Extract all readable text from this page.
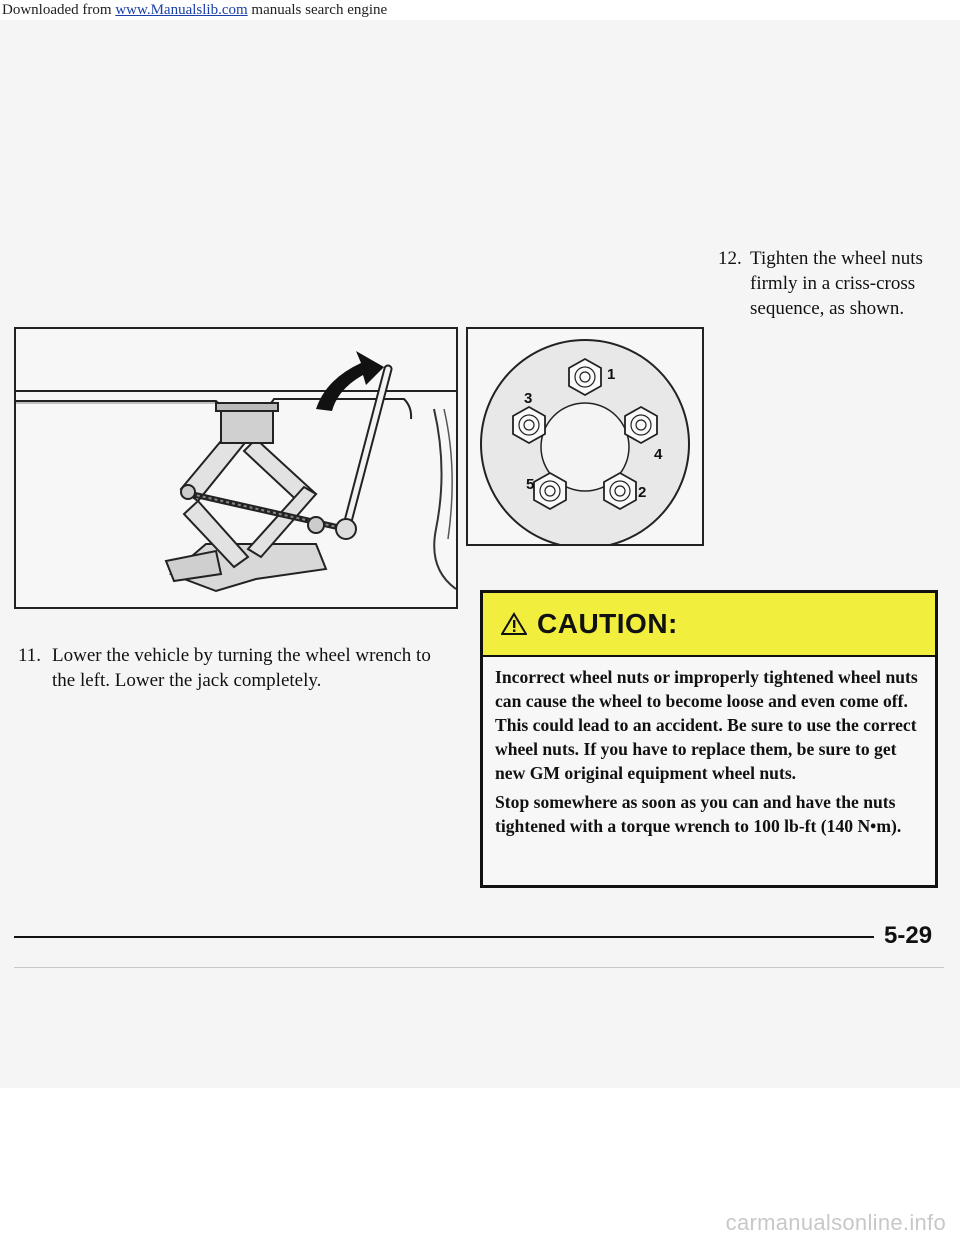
Downloaded from www.Manualslib.com manuals search engine
11. Lower the vehicle by turning the wheel wrench to the left. Lower the jack completely.
1
2
3
4
5
12. Tighten the wheel nuts firmly in a criss-cross sequence, as shown.
CAUTION:

Incorrect wheel nuts or improperly tightened wheel nuts can cause the wheel to become loose and even come off. This could lead to an accident. Be sure to use the correct wheel nuts. If you have to replace them, be sure to get new GM original equipment wheel nuts.

Stop somewhere as soon as you can and have the nuts tightened with a torque wrench to 100 lb-ft (140 N•m).

5-29
carmanualsonline.info
